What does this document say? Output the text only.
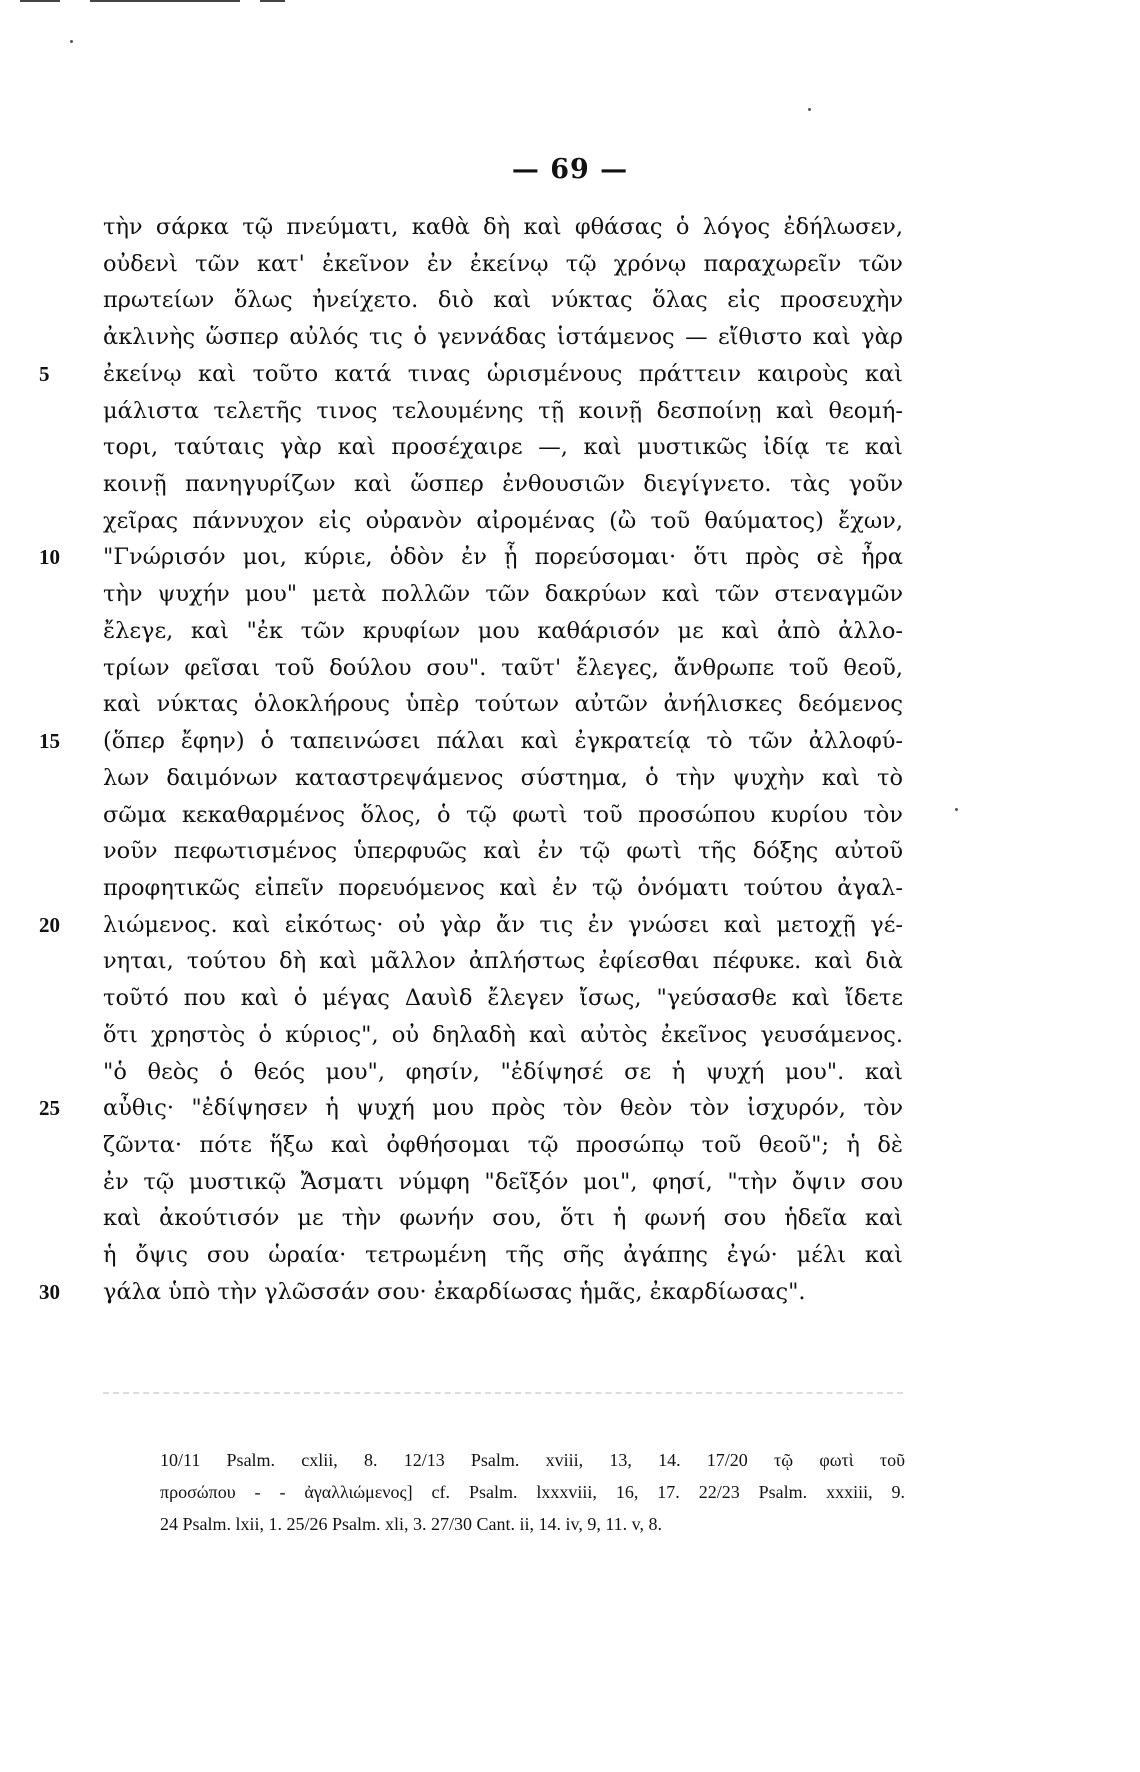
— 69 —
τὴν σάρκα τῷ πνεύματι, καθὰ δὴ καὶ φθάσας ὁ λόγος ἐδήλωσεν,
οὐδενὶ τῶν κατ' ἐκεῖνον ἐν ἐκείνῳ τῷ χρόνῳ παραχωρεῖν τῶν
πρωτείων ὅλως ἠνείχετο. διὸ καὶ νύκτας ὅλας εἰς προσευχὴν
ἀκλινὴς ὥσπερ αὐλός τις ὁ γεννάδας ἱστάμενος — εἴθιστο καὶ γὰρ
5	ἐκείνῳ καὶ τοῦτο κατά τινας ὡρισμένους πράττειν καιροὺς καὶ
μάλιστα τελετῆς τινος τελουμένης τῇ κοινῇ δεσποίνῃ καὶ θεομή-
τορι, ταύταις γὰρ καὶ προσέχαιρε —, καὶ μυστικῶς ἰδίᾳ τε καὶ
κοινῇ πανηγυρίζων καὶ ὥσπερ ἐνθουσιῶν διεγίγνετο. τὰς γοῦν
χεῖρας πάννυχον εἰς οὐρανὸν αἰρομένας (ὢ τοῦ θαύματος) ἔχων,
10	"Γνώρισόν μοι, κύριε, ὁδὸν ἐν ᾗ πορεύσομαι· ὅτι πρὸς σὲ ἦρα
τὴν ψυχήν μου" μετὰ πολλῶν τῶν δακρύων καὶ τῶν στεναγμῶν
ἔλεγε, καὶ "ἐκ τῶν κρυφίων μου καθάρισόν με καὶ ἀπὸ ἀλλο-
τρίων φεῖσαι τοῦ δούλου σου". ταῦτ' ἔλεγες, ἄνθρωπε τοῦ θεοῦ,
καὶ νύκτας ὁλοκλήρους ὑπὲρ τούτων αὐτῶν ἀνήλισκες δεόμενος
15	(ὅπερ ἔφην) ὁ ταπεινώσει πάλαι καὶ ἐγκρατείᾳ τὸ τῶν ἀλλοφύ-
λων δαιμόνων καταστρεψάμενος σύστημα, ὁ τὴν ψυχὴν καὶ τὸ
σῶμα κεκαθαρμένος ὅλος, ὁ τῷ φωτὶ τοῦ προσώπου κυρίου τὸν
νοῦν πεφωτισμένος ὑπερφυῶς καὶ ἐν τῷ φωτὶ τῆς δόξης αὐτοῦ
προφητικῶς εἰπεῖν πορευόμενος καὶ ἐν τῷ ὀνόματι τούτου ἀγαλ-
20	λιώμενος. καὶ εἰκότως· οὐ γὰρ ἄν τις ἐν γνώσει καὶ μετοχῇ γέ-
νηται, τούτου δὴ καὶ μᾶλλον ἀπλήστως ἐφίεσθαι πέφυκε. καὶ διὰ
τοῦτό που καὶ ὁ μέγας Δαυὶδ ἔλεγεν ἴσως, "γεύσασθε καὶ ἴδετε
ὅτι χρηστὸς ὁ κύριος", οὐ δηλαδὴ καὶ αὐτὸς ἐκεῖνος γευσάμενος.
"ὁ θεὸς ὁ θεός μου", φησίν, "ἐδίψησέ σε ἡ ψυχή μου". καὶ
25	αὖθις· "ἐδίψησεν ἡ ψυχή μου πρὸς τὸν θεὸν τὸν ἰσχυρόν, τὸν
ζῶντα· πότε ἥξω καὶ ὀφθήσομαι τῷ προσώπῳ τοῦ θεοῦ"; ἡ δὲ
ἐν τῷ μυστικῷ Ἄσματι νύμφη "δεῖξόν μοι", φησί, "τὴν ὄψιν σου
καὶ ἀκούτισόν με τὴν φωνήν σου, ὅτι ἡ φωνή σου ἡδεῖα καὶ
ἡ ὄψις σου ὡραία· τετρωμένη τῆς σῆς ἀγάπης ἐγώ· μέλι καὶ
30	γάλα ὑπὸ τὴν γλῶσσάν σου· ἐκαρδίωσας ἡμᾶς, ἐκαρδίωσας".
10/11 Psalm. cxlii, 8. 12/13 Psalm. xviii, 13, 14. 17/20 τῷ φωτὶ τοῦ
προσώπου - - ἀγαλλιώμενος] cf. Psalm. lxxxviii, 16, 17. 22/23 Psalm. xxxiii, 9.
24 Psalm. lxii, 1. 25/26 Psalm. xli, 3. 27/30 Cant. ii, 14. iv, 9, 11. v, 8.
